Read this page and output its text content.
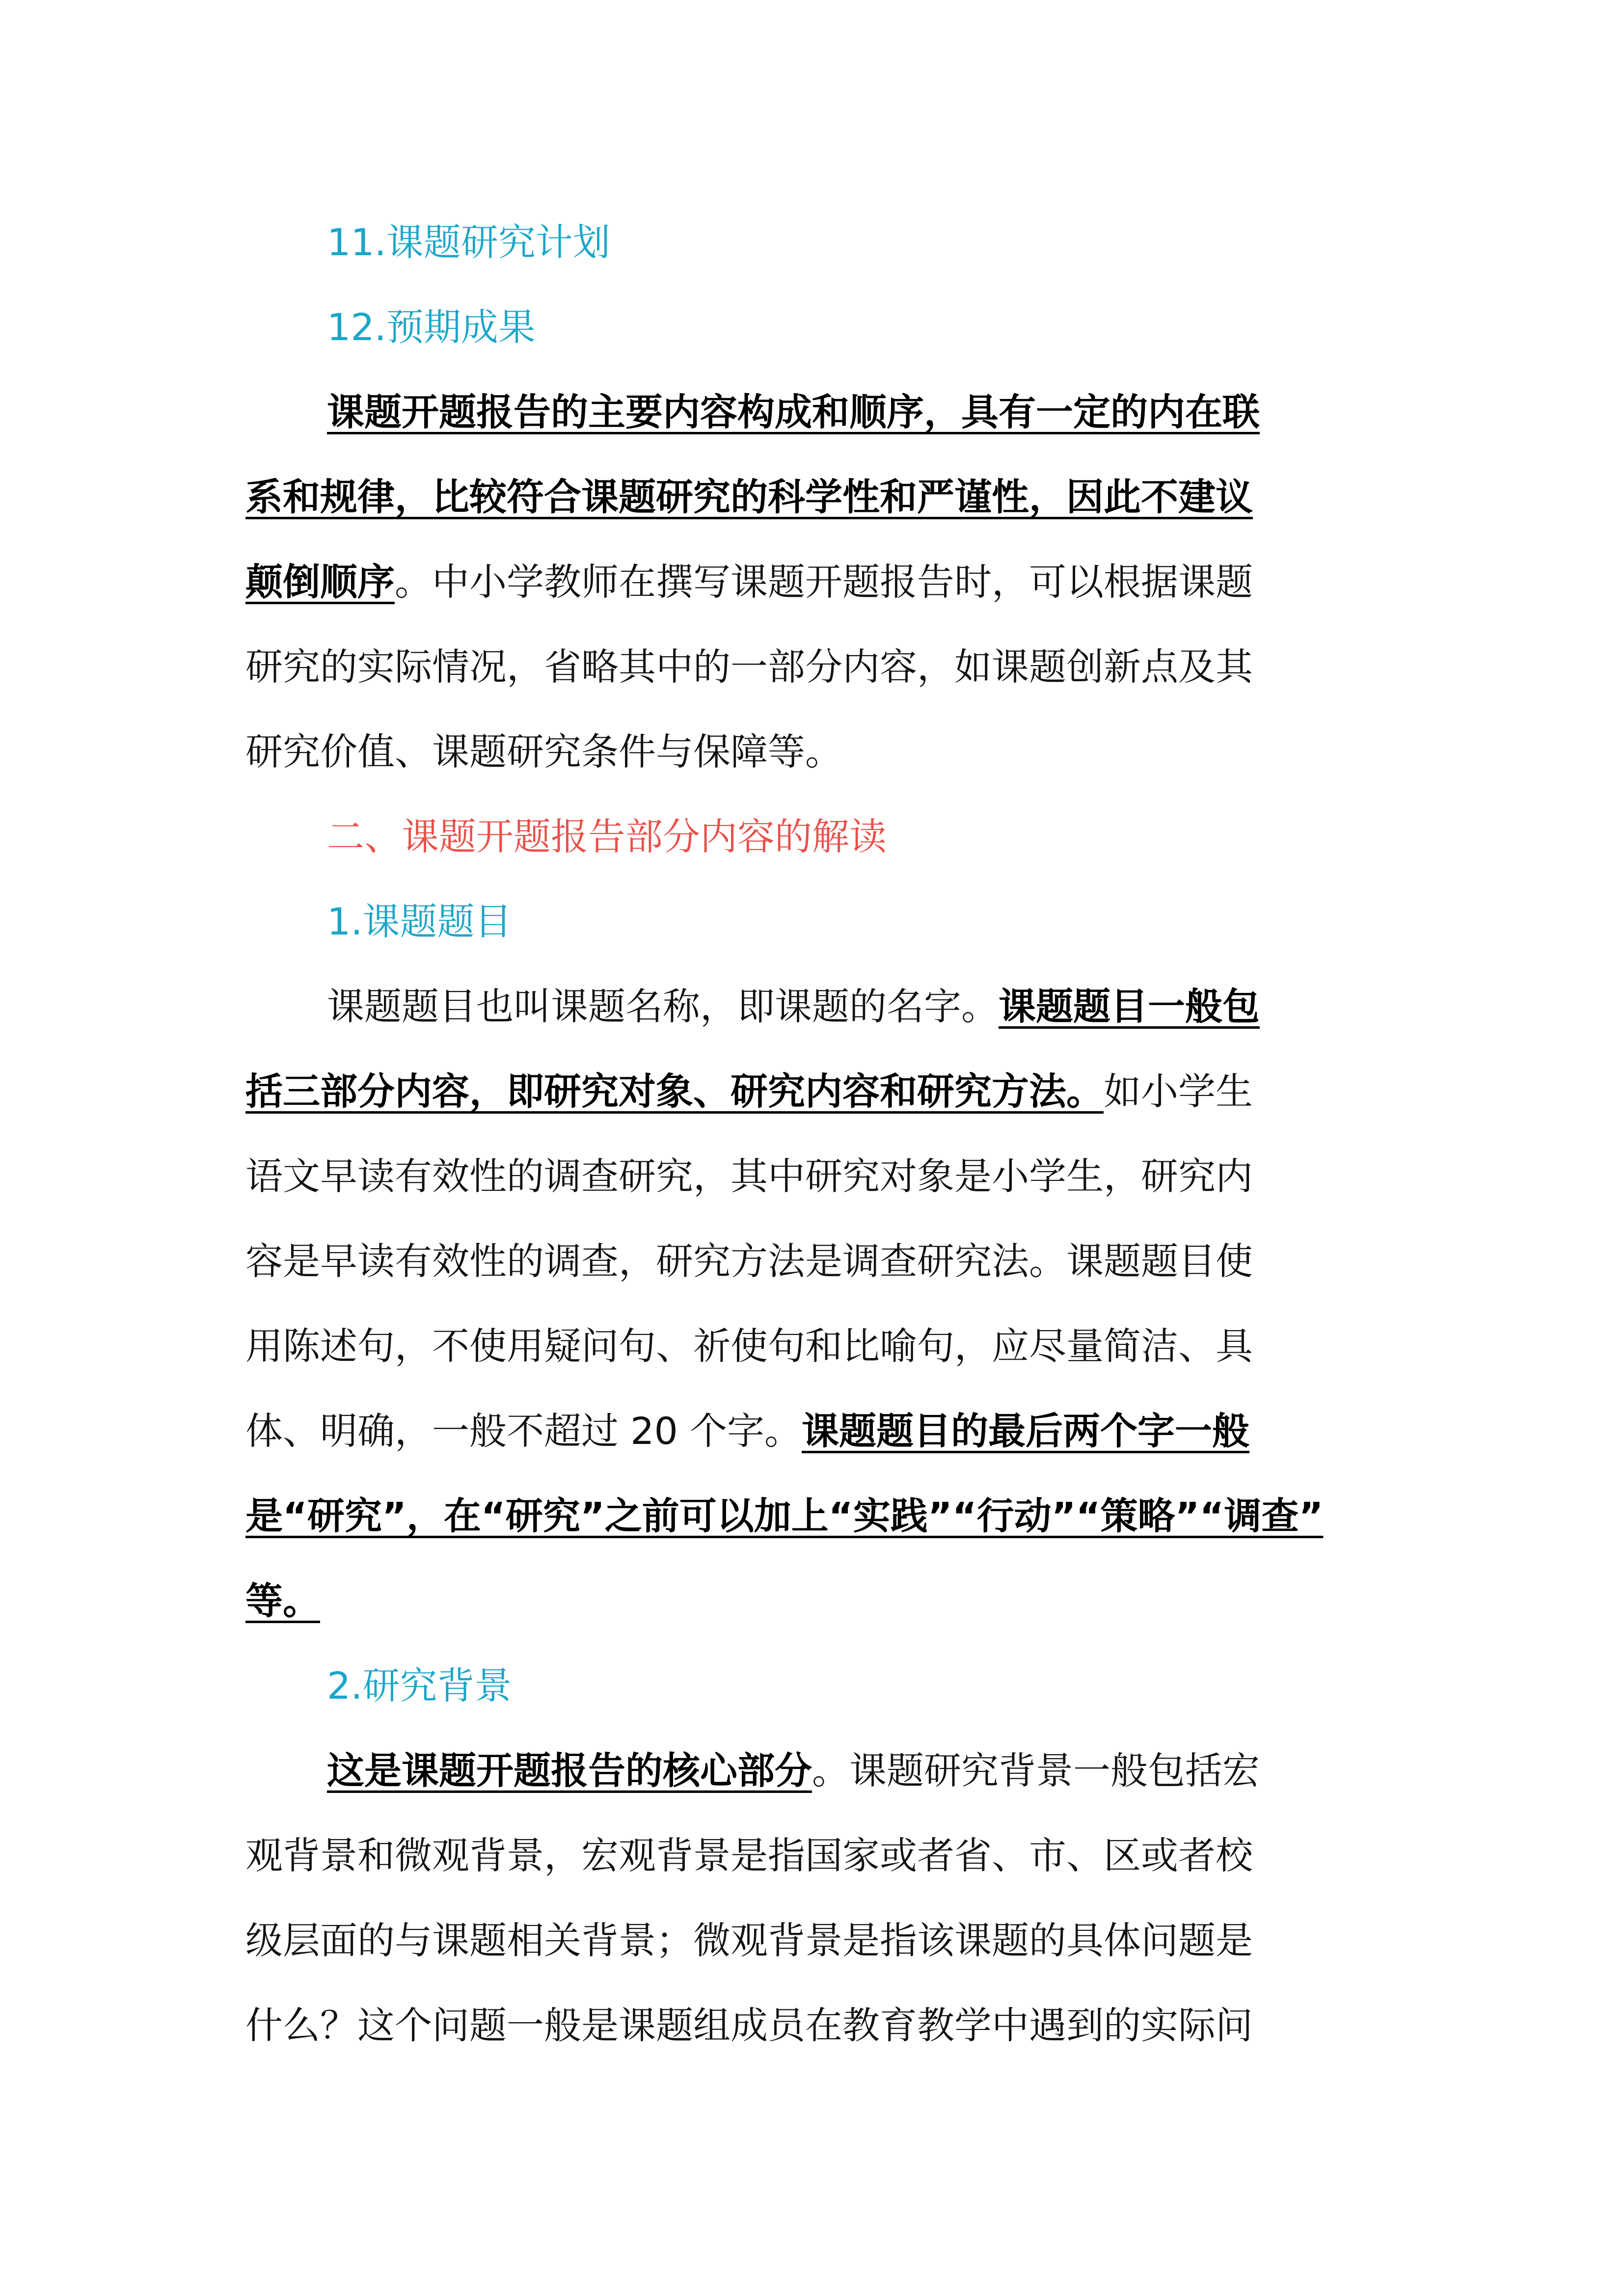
11.课题研究计划
12.预期成果
课题开题报告的主要内容构成和顺序，具有一定的内在联
系和规律，比较符合课题研究的科学性和严谨性，因此不建议
颠倒顺序。中小学教师在撰写课题开题报告时，可以根据课题
研究的实际情况，省略其中的一部分内容，如课题创新点及其
研究价值、课题研究条件与保障等。
二、课题开题报告部分内容的解读
1.课题题目
课题题目也叫课题名称，即课题的名字。课题题目一般包
括三部分内容，即研究对象、研究内容和研究方法。如小学生
语文早读有效性的调查研究，其中研究对象是小学生，研究内
容是早读有效性的调查，研究方法是调查研究法。课题题目使
用陈述句，不使用疑问句、祈使句和比喻句，应尽量简洁、具
体、明确，一般不超过 20 个字。课题题目的最后两个字一般
是“研究”，在“研究”之前可以加上“实践”“行动”“策略”“调查”
等。
2.研究背景
这是课题开题报告的核心部分。课题研究背景一般包括宏
观背景和微观背景，宏观背景是指国家或者省、市、区或者校
级层面的与课题相关背景；微观背景是指该课题的具体问题是
什么？这个问题一般是课题组成员在教育教学中遇到的实际问
